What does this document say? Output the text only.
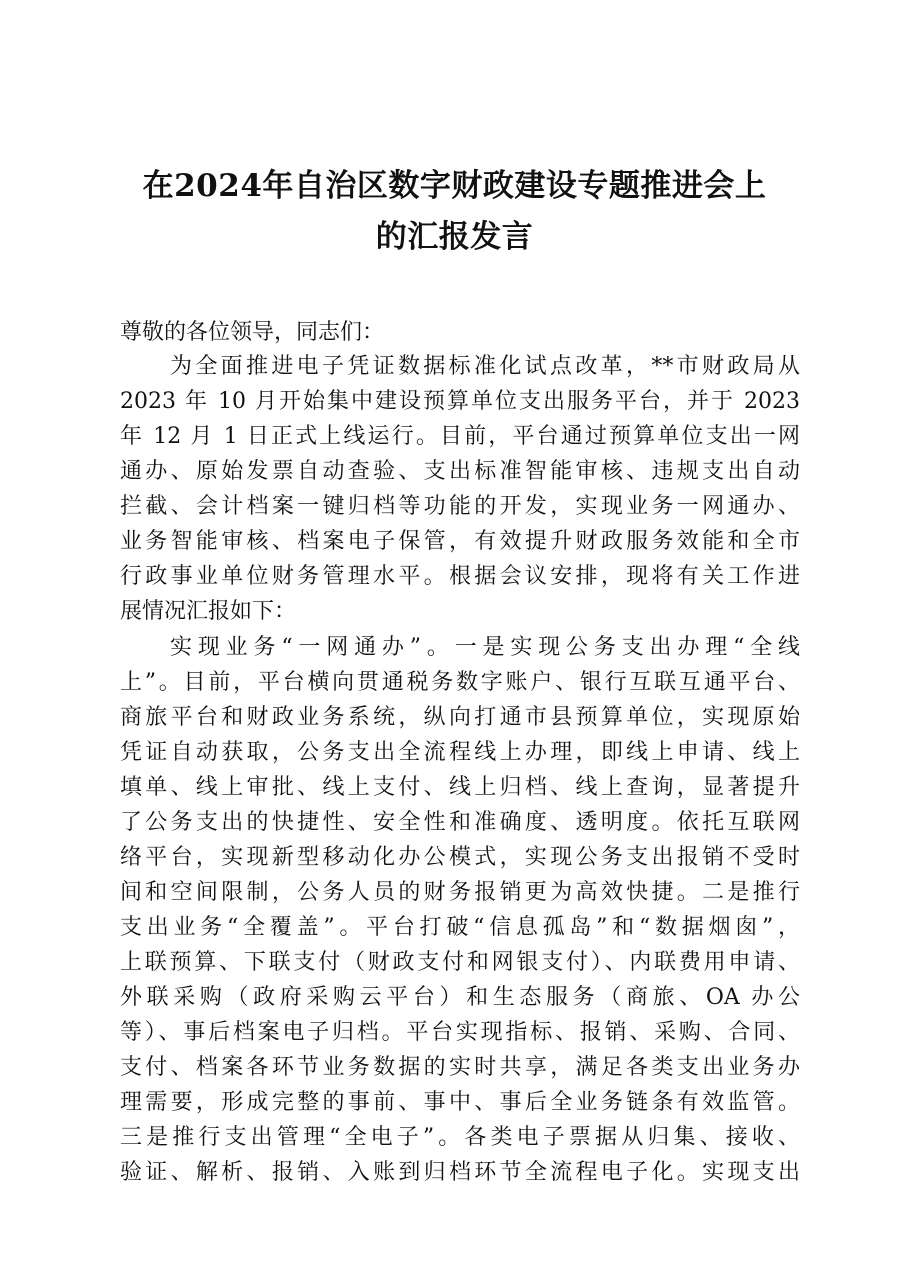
在2024年自治区数字财政建设专题推进会上
的汇报发言
尊敬的各位领导，同志们：
为全面推进电子凭证数据标准化试点改革，**市财政局从
2023 年 10 月开始集中建设预算单位支出服务平台，并于 2023
年 12 月 1 日正式上线运行。目前，平台通过预算单位支出一网
通办、原始发票自动查验、支出标准智能审核、违规支出自动
拦截、会计档案一键归档等功能的开发，实现业务一网通办、
业务智能审核、档案电子保管，有效提升财政服务效能和全市
行政事业单位财务管理水平。根据会议安排，现将有关工作进
展情况汇报如下：
实现业务“一网通办”。一是实现公务支出办理“全线
上”。目前，平台横向贯通税务数字账户、银行互联互通平台、
商旅平台和财政业务系统，纵向打通市县预算单位，实现原始
凭证自动获取，公务支出全流程线上办理，即线上申请、线上
填单、线上审批、线上支付、线上归档、线上查询，显著提升
了公务支出的快捷性、安全性和准确度、透明度。依托互联网
络平台，实现新型移动化办公模式，实现公务支出报销不受时
间和空间限制，公务人员的财务报销更为高效快捷。二是推行
支出业务“全覆盖”。平台打破“信息孤岛”和“数据烟囱”，
上联预算、下联支付（财政支付和网银支付）、内联费用申请、
外联采购（政府采购云平台）和生态服务（商旅、OA 办公
等）、事后档案电子归档。平台实现指标、报销、采购、合同、
支付、档案各环节业务数据的实时共享，满足各类支出业务办
理需要，形成完整的事前、事中、事后全业务链条有效监管。
三是推行支出管理“全电子”。各类电子票据从归集、接收、
验证、解析、报销、入账到归档环节全流程电子化。实现支出
